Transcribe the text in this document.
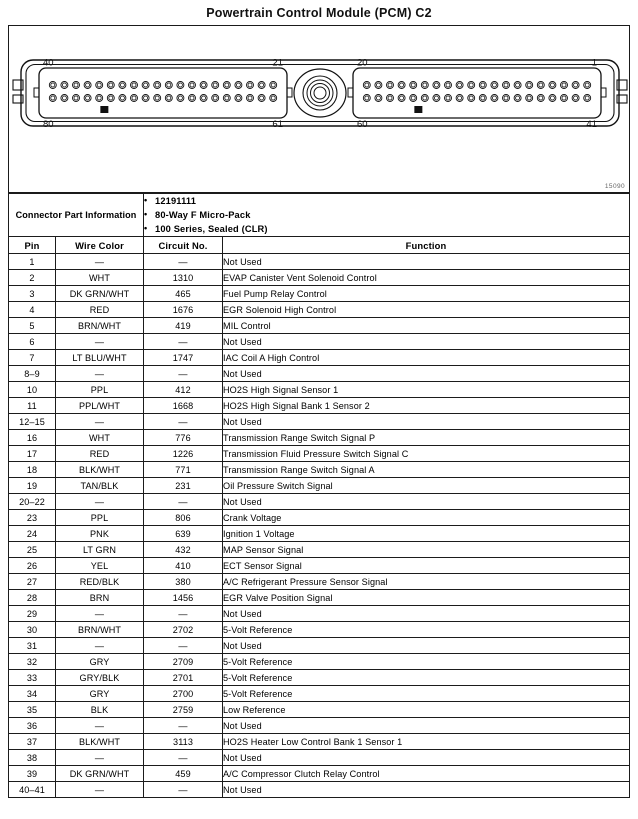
Powertrain Control Module (PCM) C2
40	21
80	61
20	1
60	41
15090
Connector Part Information		• 12191111
• 80-Way F Micro-Pack
• 100 Series, Sealed (CLR)

Pin	Wire Color	Circuit No.	Function
1	—	—	Not Used
2	WHT	1310	EVAP Canister Vent Solenoid Control
3	DK GRN/WHT	465	Fuel Pump Relay Control
4	RED	1676	EGR Solenoid High Control
5	BRN/WHT	419	MIL Control
6	—	—	Not Used
7	LT BLU/WHT	1747	IAC Coil A High Control
8–9	—	—	Not Used
10	PPL	412	HO2S High Signal Sensor 1
11	PPL/WHT	1668	HO2S High Signal Bank 1 Sensor 2
12–15	—	—	Not Used
16	WHT	776	Transmission Range Switch Signal P
17	RED	1226	Transmission Fluid Pressure Switch Signal C
18	BLK/WHT	771	Transmission Range Switch Signal A
19	TAN/BLK	231	Oil Pressure Switch Signal
20–22	—	—	Not Used
23	PPL	806	Crank Voltage
24	PNK	639	Ignition 1 Voltage
25	LT GRN	432	MAP Sensor Signal
26	YEL	410	ECT Sensor Signal
27	RED/BLK	380	A/C Refrigerant Pressure Sensor Signal
28	BRN	1456	EGR Valve Position Signal
29	—	—	Not Used
30	BRN/WHT	2702	5-Volt Reference
31	—	—	Not Used
32	GRY	2709	5-Volt Reference
33	GRY/BLK	2701	5-Volt Reference
34	GRY	2700	5-Volt Reference
35	BLK	2759	Low Reference
36	—	—	Not Used
37	BLK/WHT	3113	HO2S Heater Low Control Bank 1 Sensor 1
38	—	—	Not Used
39	DK GRN/WHT	459	A/C Compressor Clutch Relay Control
40–41	—	—	Not Used
